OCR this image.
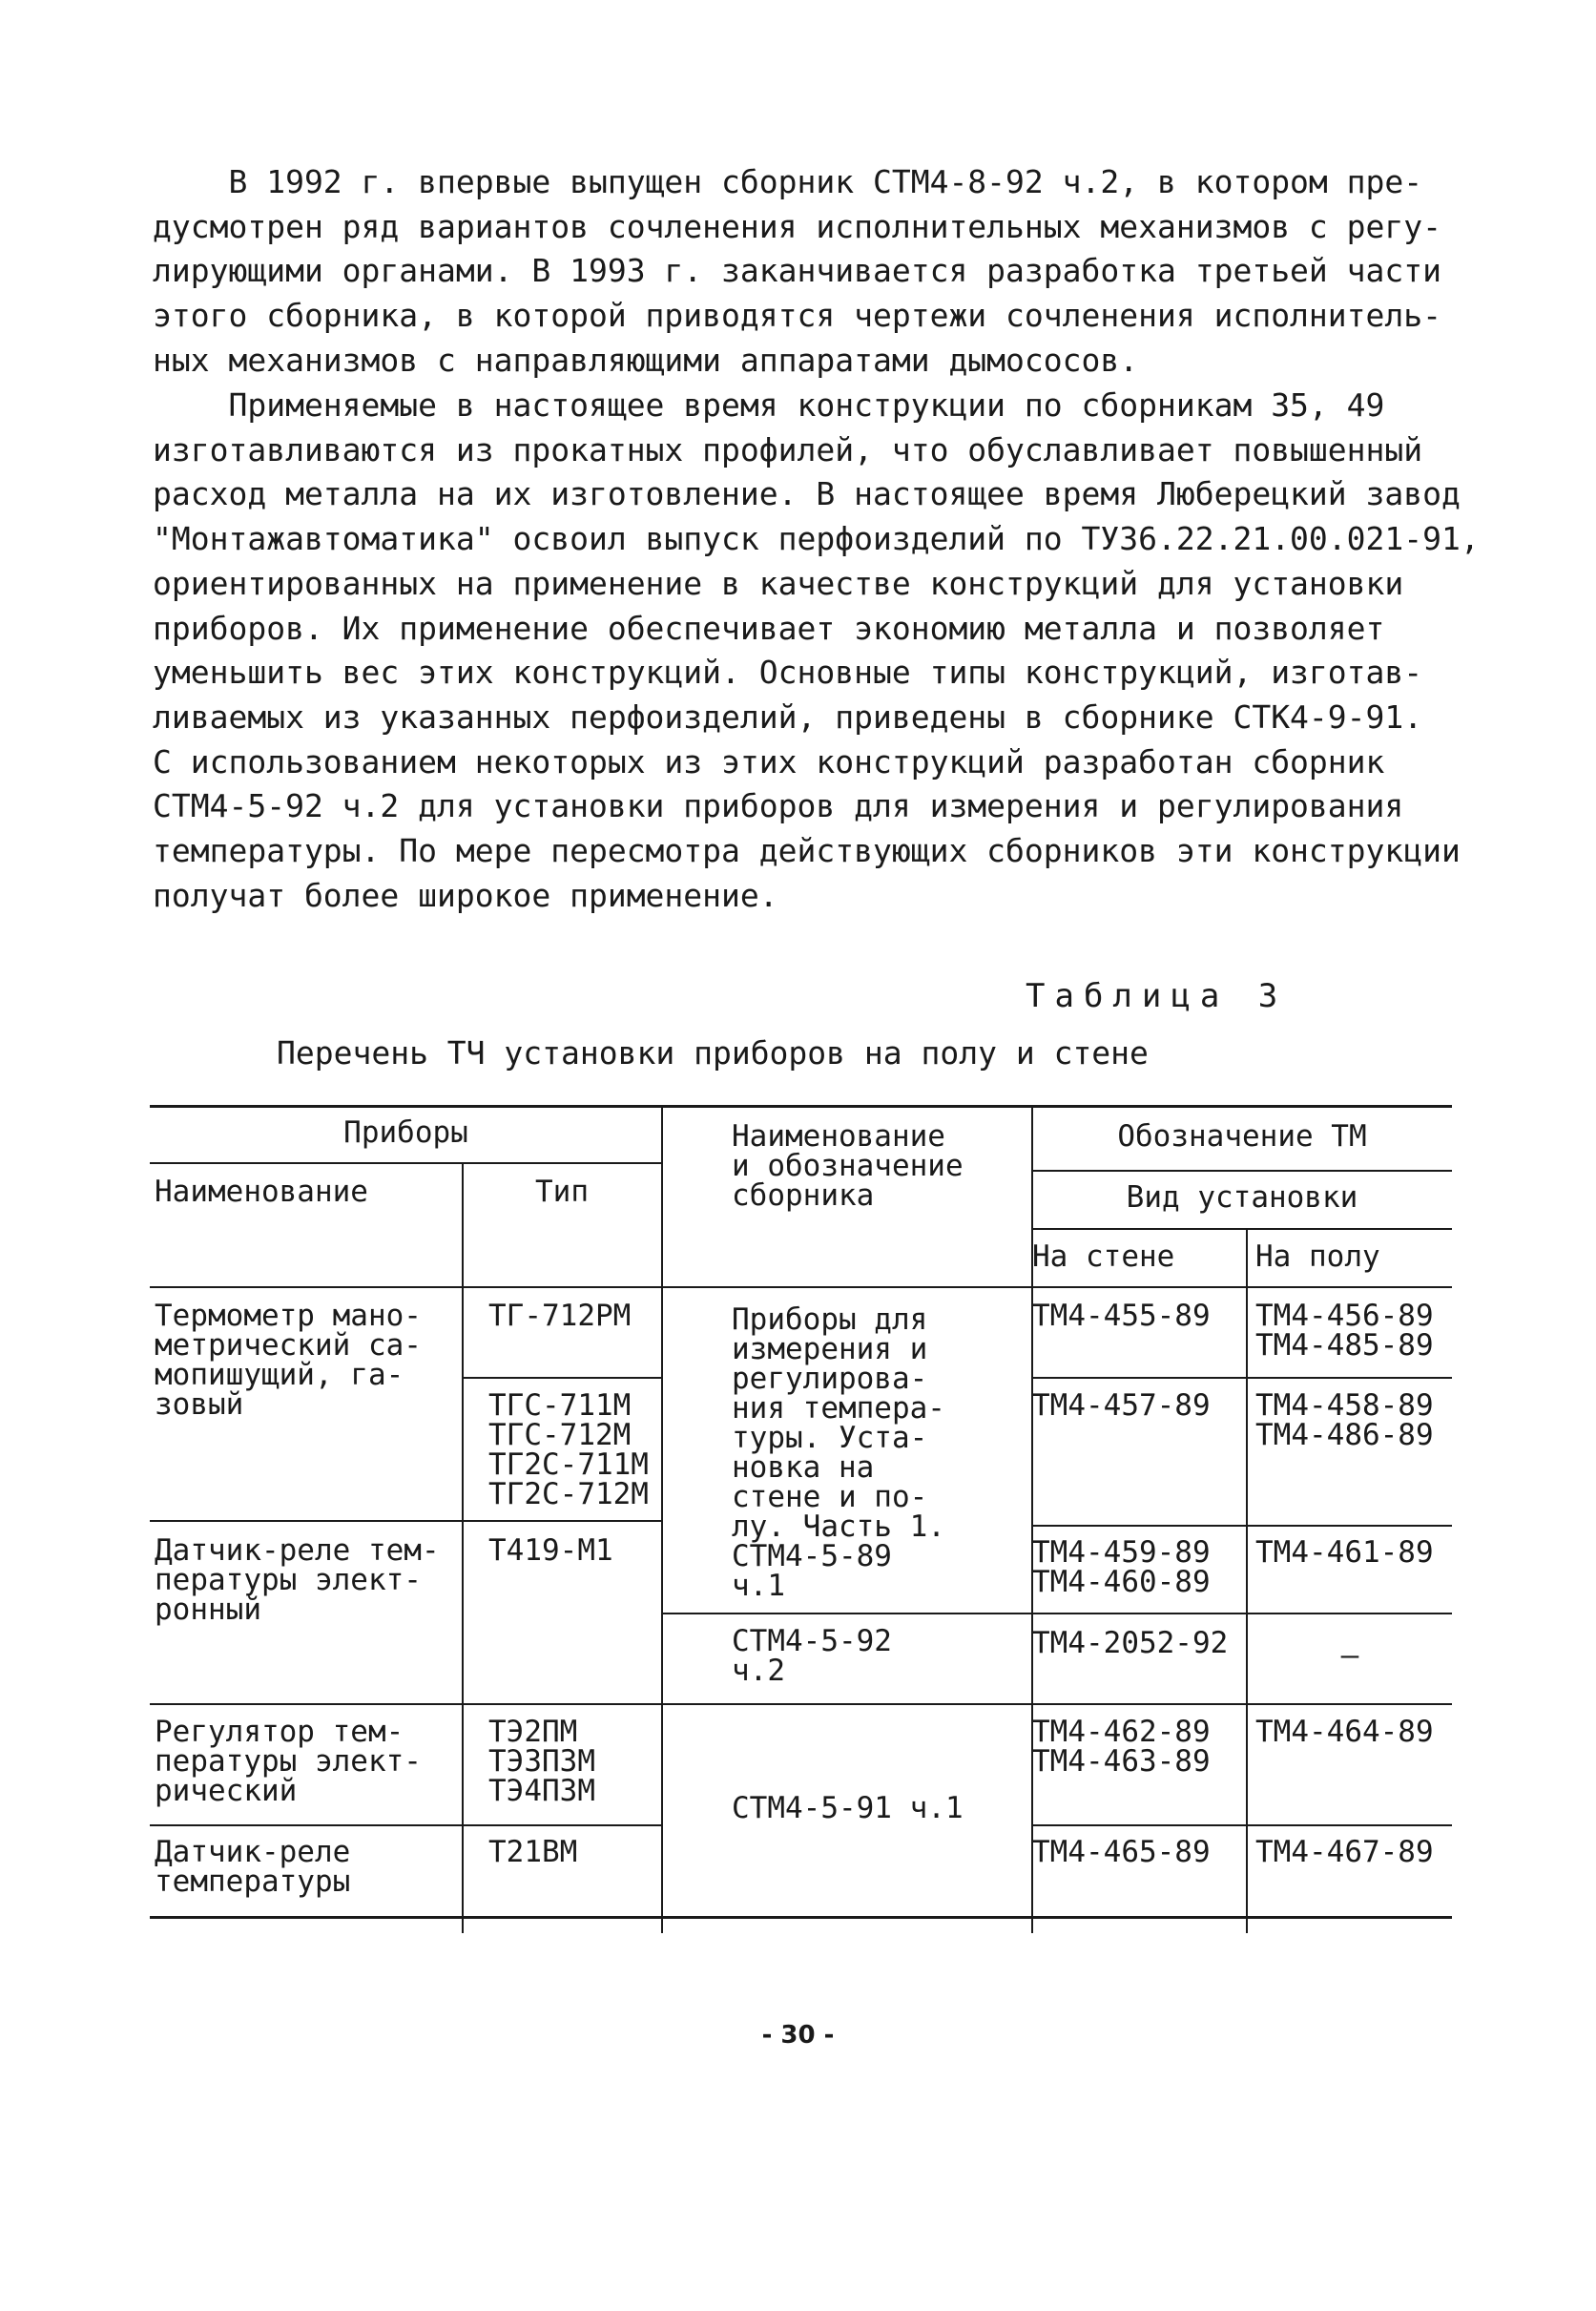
В 1992 г. впервые выпущен сборник СТМ4-8-92 ч.2, в котором пре-
дусмотрен ряд вариантов сочленения исполнительных механизмов с регу-
лирующими органами. В 1993 г. заканчивается разработка третьей части
этого сборника, в которой приводятся чертежи сочленения исполнитель-
ных механизмов с направляющими аппаратами дымососов.

Применяемые в настоящее время конструкции по сборникам 35, 49
изготавливаются из прокатных профилей, что обуславливает повышенный
расход металла на их изготовление. В настоящее время Люберецкий завод
"Монтажавтоматика" освоил выпуск перфоизделий по ТУ36.22.21.00.021-91,
ориентированных на применение в качестве конструкций для установки
приборов. Их применение обеспечивает экономию металла и позволяет
уменьшить вес этих конструкций. Основные типы конструкций, изготав-
ливаемых из указанных перфоизделий, приведены в сборнике СТК4-9-91.
С использованием некоторых из этих конструкций разработан сборник
СТМ4-5-92 ч.2 для установки приборов для измерения и регулирования
температуры. По мере пересмотра действующих сборников эти конструкции
получат более широкое применение.

Таблица 3
Перечень ТЧ установки приборов на полу и стене
Приборы
Наименование	Тип
Наименование
и обозначение
сборника
Обозначение ТМ
Вид установки
На стене	На полу
Термометр мано-
метрический са-
мопишущий, га-
зовый
Датчик-реле тем-
пературы элект-
ронный
Регулятор тем-
пературы элект-
рический
Датчик-реле
температуры
ТГ-712РМ
ТГС-711М
ТГС-712М
ТГ2С-711М
ТГ2С-712М
Т419-М1
ТЭ2ПМ
ТЭ3П3М
ТЭ4П3М
Т21ВМ
Приборы для
измерения и
регулирова-
ния темпера-
туры. Уста-
новка на
стене и по-
лу. Часть 1.
СТМ4-5-89
ч.1
СТМ4-5-92
ч.2
СТМ4-5-91 ч.1
ТМ4-455-89
ТМ4-457-89
ТМ4-459-89
ТМ4-460-89
ТМ4-2052-92
ТМ4-462-89
ТМ4-463-89
ТМ4-465-89
ТМ4-456-89
ТМ4-485-89
ТМ4-458-89
ТМ4-486-89
ТМ4-461-89
—
ТМ4-464-89
ТМ4-467-89
- 30 -
